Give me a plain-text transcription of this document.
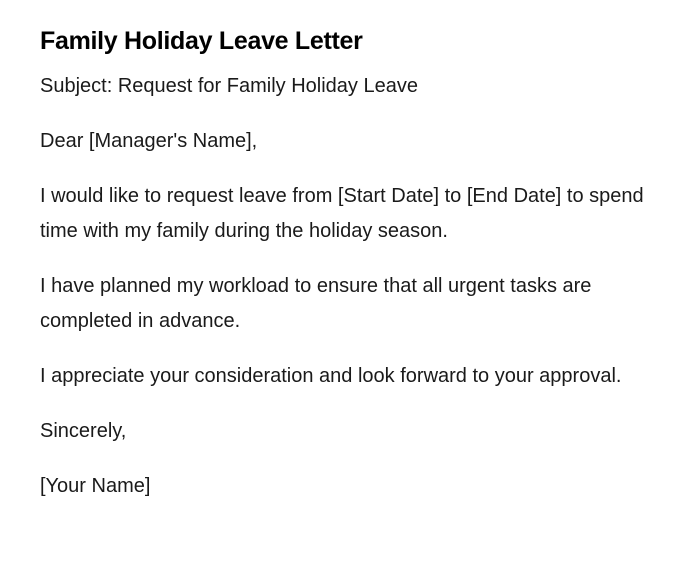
Family Holiday Leave Letter

Subject: Request for Family Holiday Leave

Dear [Manager's Name],

I would like to request leave from [Start Date] to [End Date] to spend time with my family during the holiday season.

I have planned my workload to ensure that all urgent tasks are completed in advance.

I appreciate your consideration and look forward to your approval.

Sincerely,

[Your Name]
